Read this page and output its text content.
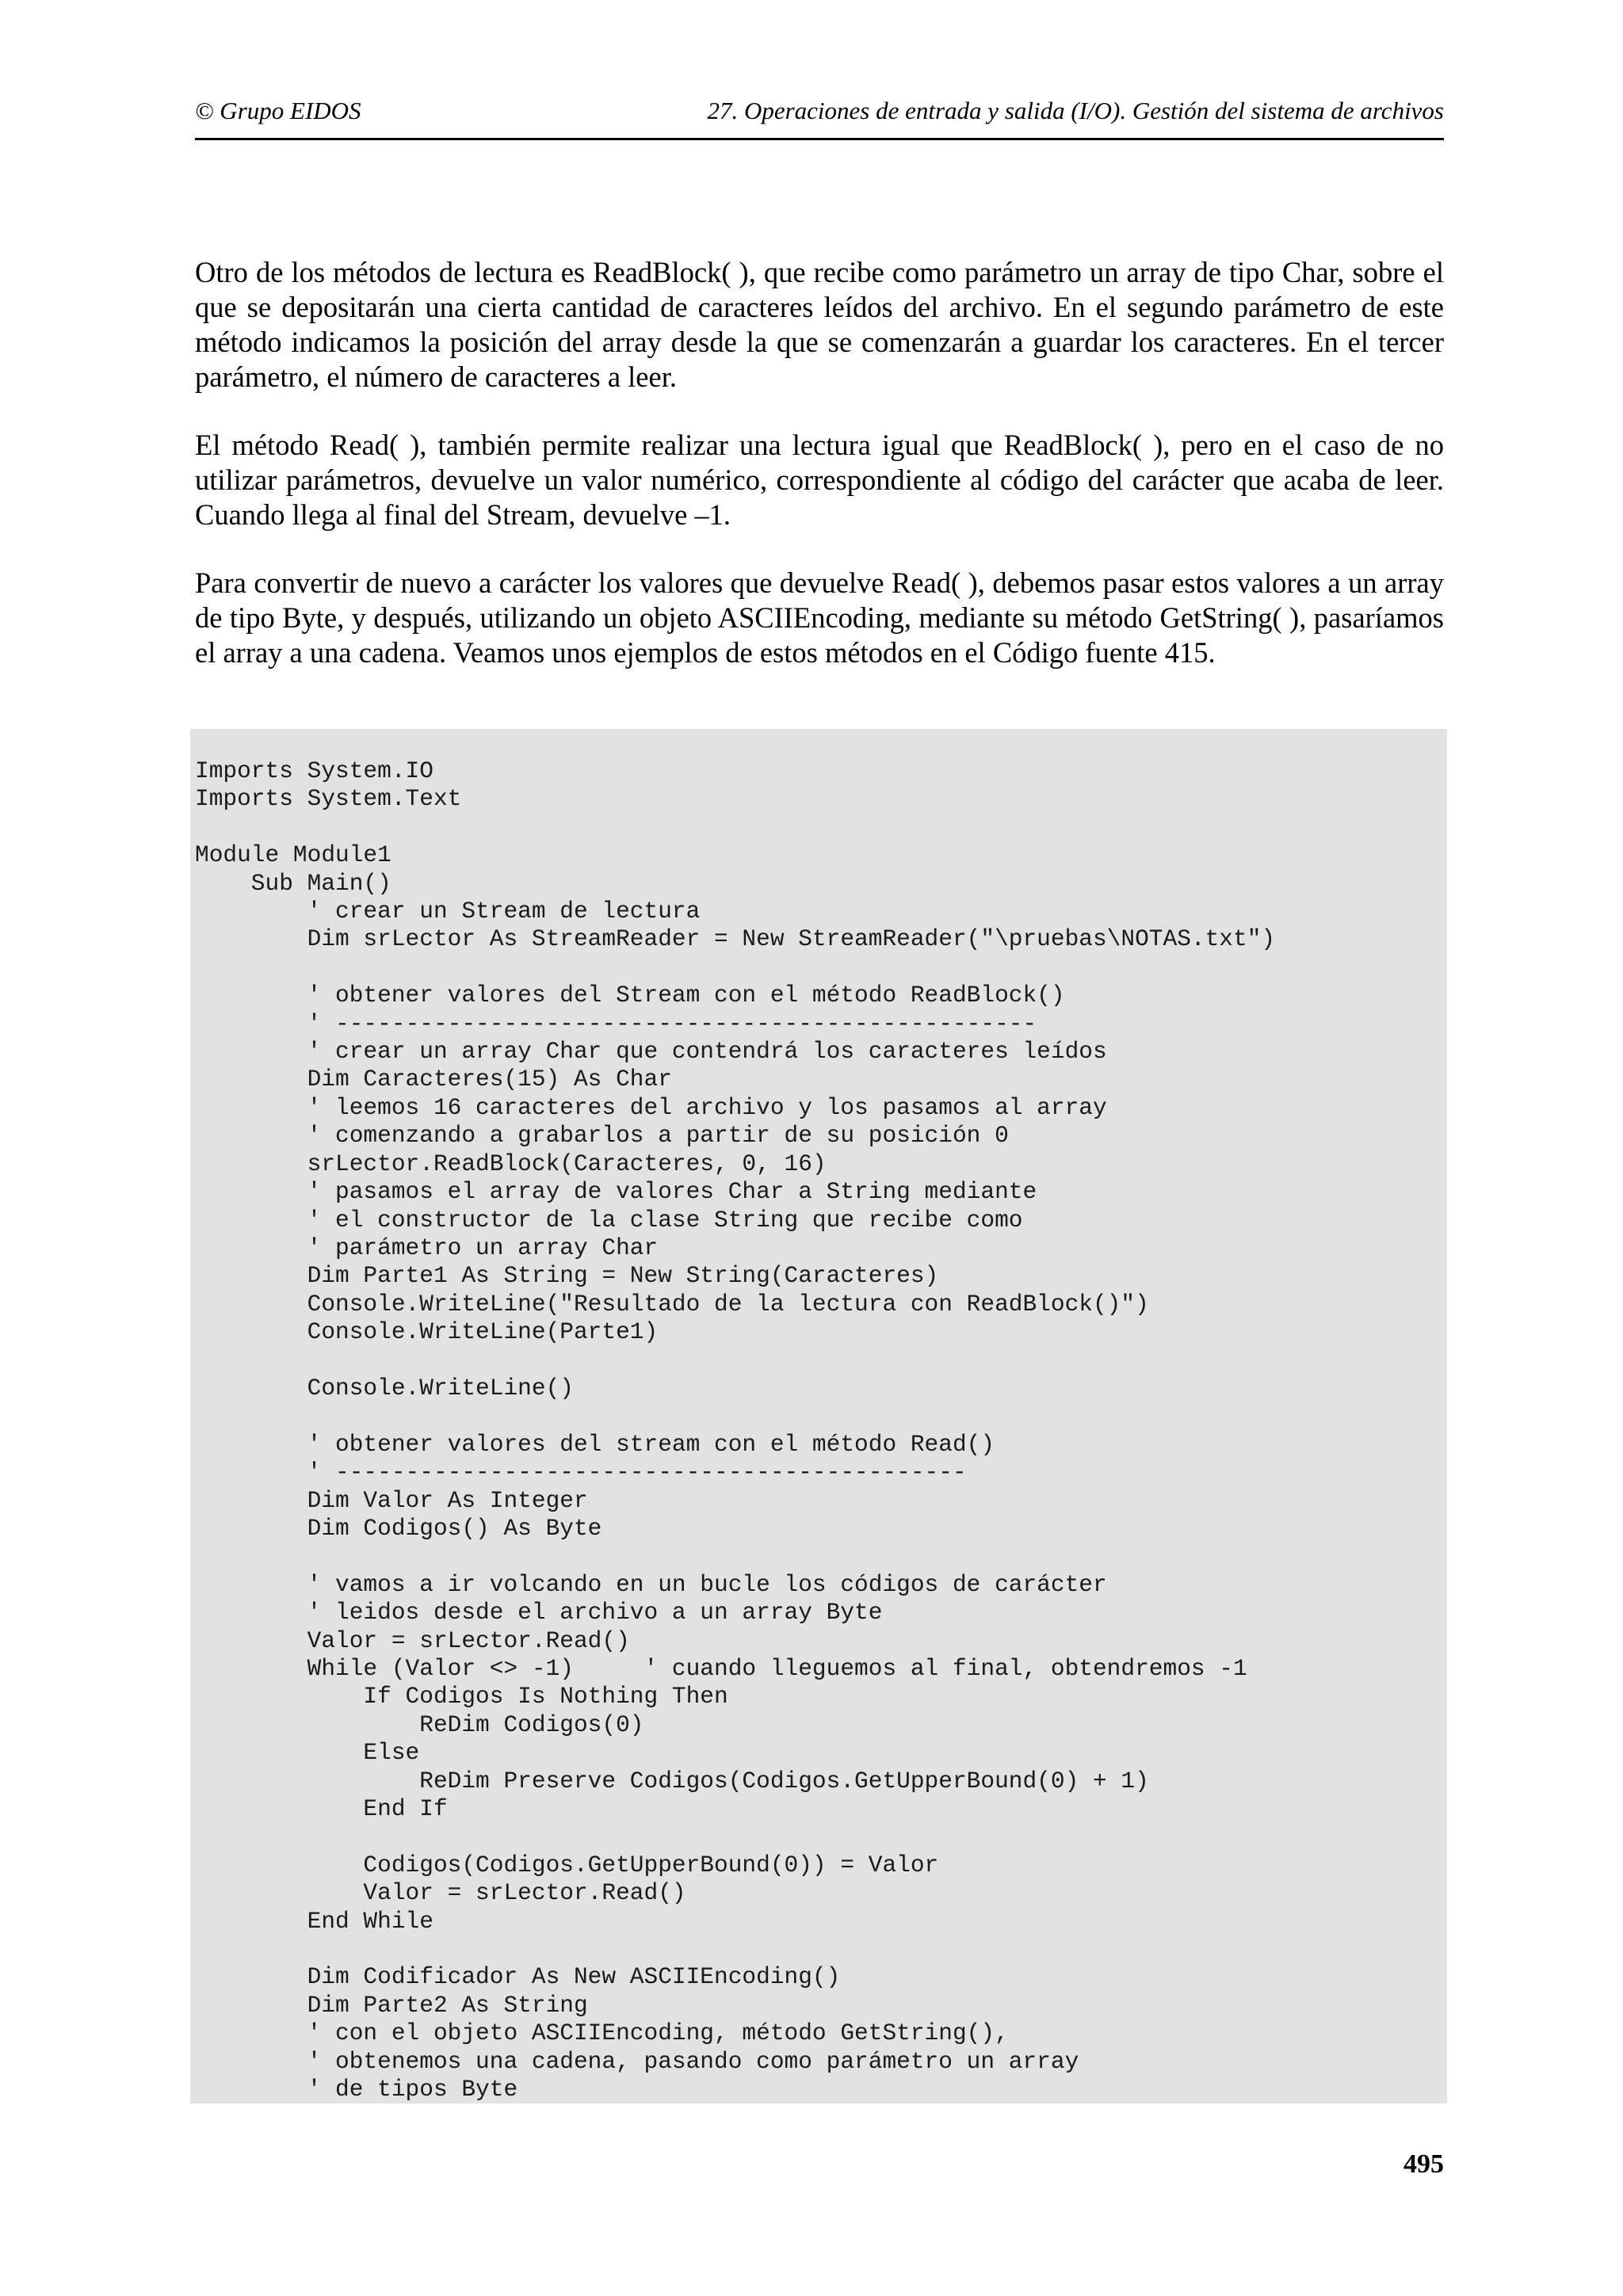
© Grupo EIDOS	27. Operaciones de entrada y salida (I/O). Gestión del sistema de archivos

Otro de los métodos de lectura es ReadBlock( ), que recibe como parámetro un array de tipo Char, sobre el que se depositarán una cierta cantidad de caracteres leídos del archivo. En el segundo parámetro de este método indicamos la posición del array desde la que se comenzarán a guardar los caracteres. En el tercer parámetro, el número de caracteres a leer.

El método Read( ), también permite realizar una lectura igual que ReadBlock( ), pero en el caso de no utilizar parámetros, devuelve un valor numérico, correspondiente al código del carácter que acaba de leer. Cuando llega al final del Stream, devuelve –1.

Para convertir de nuevo a carácter los valores que devuelve Read( ), debemos pasar estos valores a un array de tipo Byte, y después, utilizando un objeto ASCIIEncoding, mediante su método GetString( ), pasaríamos el array a una cadena. Veamos unos ejemplos de estos métodos en el Código fuente 415.

Imports System.IO
Imports System.Text

Module Module1
Sub Main()
' crear un Stream de lectura
Dim srLector As StreamReader = New StreamReader("\pruebas\NOTAS.txt")

' obtener valores del Stream con el método ReadBlock()
' --------------------------------------------------
' crear un array Char que contendrá los caracteres leídos
Dim Caracteres(15) As Char
' leemos 16 caracteres del archivo y los pasamos al array
' comenzando a grabarlos a partir de su posición 0
srLector.ReadBlock(Caracteres, 0, 16)
' pasamos el array de valores Char a String mediante
' el constructor de la clase String que recibe como
' parámetro un array Char
Dim Parte1 As String = New String(Caracteres)
Console.WriteLine("Resultado de la lectura con ReadBlock()")
Console.WriteLine(Parte1)

Console.WriteLine()

' obtener valores del stream con el método Read()
' ---------------------------------------------
Dim Valor As Integer
Dim Codigos() As Byte

' vamos a ir volcando en un bucle los códigos de carácter
' leidos desde el archivo a un array Byte
Valor = srLector.Read()
While (Valor <> -1)     ' cuando lleguemos al final, obtendremos -1
If Codigos Is Nothing Then
ReDim Codigos(0)
Else
ReDim Preserve Codigos(Codigos.GetUpperBound(0) + 1)
End If

Codigos(Codigos.GetUpperBound(0)) = Valor
Valor = srLector.Read()
End While

Dim Codificador As New ASCIIEncoding()
Dim Parte2 As String
' con el objeto ASCIIEncoding, método GetString(),
' obtenemos una cadena, pasando como parámetro un array
' de tipos Byte
495
